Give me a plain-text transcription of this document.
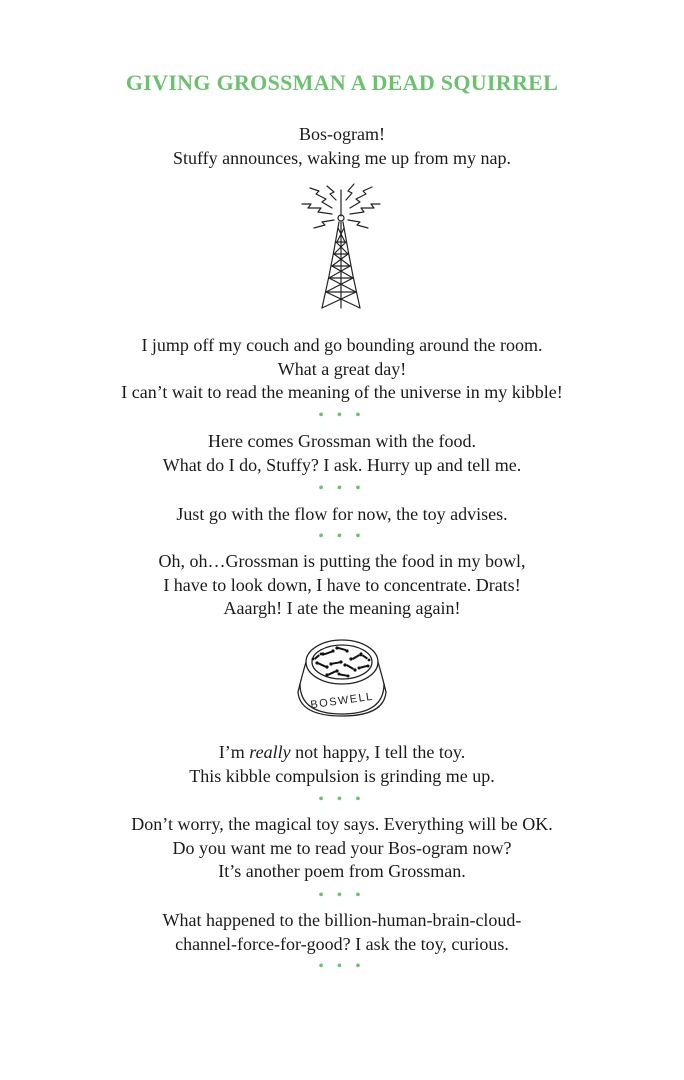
GIVING GROSSMAN A DEAD SQUIRREL
Bos-ogram!
Stuffy announces, waking me up from my nap.
I jump off my couch and go bounding around the room.
What a great day!
I can’t wait to read the meaning of the universe in my kibble!
• • •
Here comes Grossman with the food.
What do I do, Stuffy? I ask. Hurry up and tell me.
• • •
Just go with the flow for now, the toy advises.
• • •
Oh, oh…Grossman is putting the food in my bowl,
I have to look down, I have to concentrate. Drats!
Aaargh! I ate the meaning again!
BOSWELL
I’m really not happy, I tell the toy.
This kibble compulsion is grinding me up.
• • •
Don’t worry, the magical toy says. Everything will be OK.
Do you want me to read your Bos-ogram now?
It’s another poem from Grossman.
• • •
What happened to the billion-human-brain-cloud-
channel-force-for-good? I ask the toy, curious.
• • •
